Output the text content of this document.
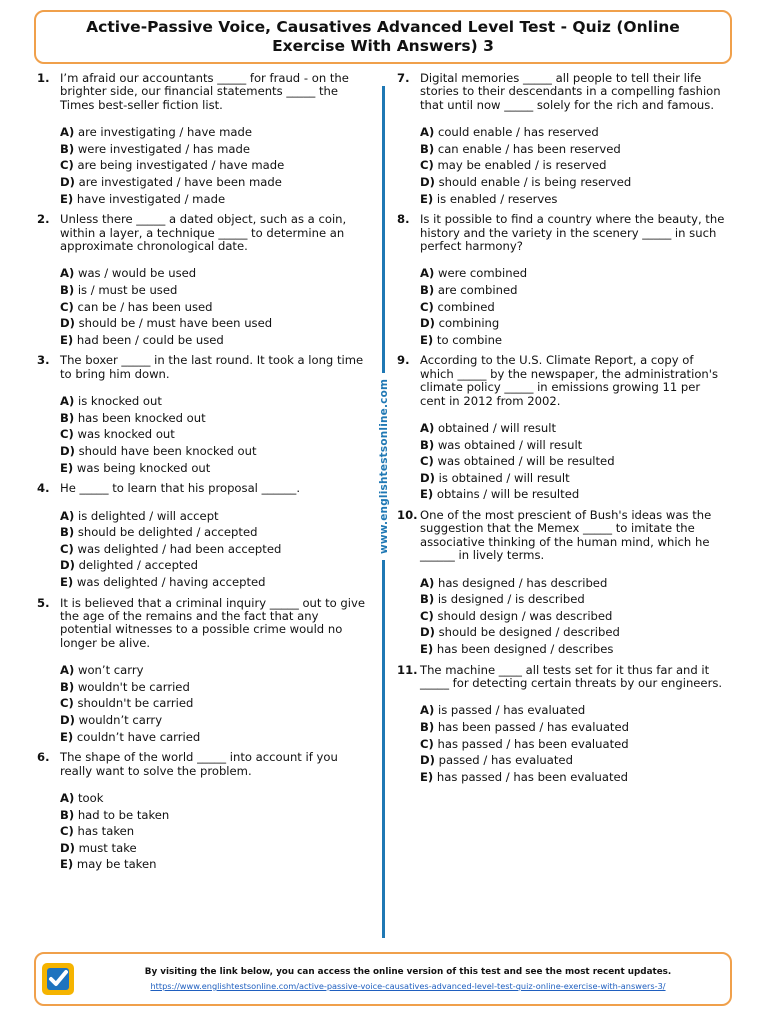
Active-Passive Voice, Causatives Advanced Level Test - Quiz (Online Exercise With Answers) 3
1. I’m afraid our accountants _____ for fraud - on the brighter side, our financial statements _____ the Times best-seller fiction list.
A) are investigating / have made
B) were investigated / has made
C) are being investigated / have made
D) are investigated / have been made
E) have investigated / made
2. Unless there _____ a dated object, such as a coin, within a layer, a technique _____ to determine an approximate chronological date.
A) was / would be used
B) is / must be used
C) can be / has been used
D) should be / must have been used
E) had been / could be used
3. The boxer _____ in the last round. It took a long time to bring him down.
A) is knocked out
B) has been knocked out
C) was knocked out
D) should have been knocked out
E) was being knocked out
4. He _____ to learn that his proposal ______.
A) is delighted / will accept
B) should be delighted / accepted
C) was delighted / had been accepted
D) delighted / accepted
E) was delighted / having accepted
5. It is believed that a criminal inquiry _____ out to give the age of the remains and the fact that any potential witnesses to a possible crime would no longer be alive.
A) won’t carry
B) wouldn't be carried
C) shouldn't be carried
D) wouldn’t carry
E) couldn’t have carried
6. The shape of the world _____ into account if you really want to solve the problem.
A) took
B) had to be taken
C) has taken
D) must take
E) may be taken
7. Digital memories _____ all people to tell their life stories to their descendants in a compelling fashion that until now _____ solely for the rich and famous.
A) could enable / has reserved
B) can enable / has been reserved
C) may be enabled / is reserved
D) should enable / is being reserved
E) is enabled / reserves
8. Is it possible to find a country where the beauty, the history and the variety in the scenery _____ in such perfect harmony?
A) were combined
B) are combined
C) combined
D) combining
E) to combine
9. According to the U.S. Climate Report, a copy of which _____ by the newspaper, the administration's climate policy _____ in emissions growing 11 per cent in 2012 from 2002.
A) obtained / will result
B) was obtained / will result
C) was obtained / will be resulted
D) is obtained / will result
E) obtains / will be resulted
10. One of the most prescient of Bush's ideas was the suggestion that the Memex _____ to imitate the associative thinking of the human mind, which he ______ in lively terms.
A) has designed / has described
B) is designed / is described
C) should design / was described
D) should be designed / described
E) has been designed / describes
11. The machine ____ all tests set for it thus far and it _____ for detecting certain threats by our engineers.
A) is passed / has evaluated
B) has been passed / has evaluated
C) has passed / has been evaluated
D) passed / has evaluated
E) has passed / has been evaluated
www.englishtestsonline.com
By visiting the link below, you can access the online version of this test and see the most recent updates.
https://www.englishtestsonline.com/active-passive-voice-causatives-advanced-level-test-quiz-online-exercise-with-answers-3/
